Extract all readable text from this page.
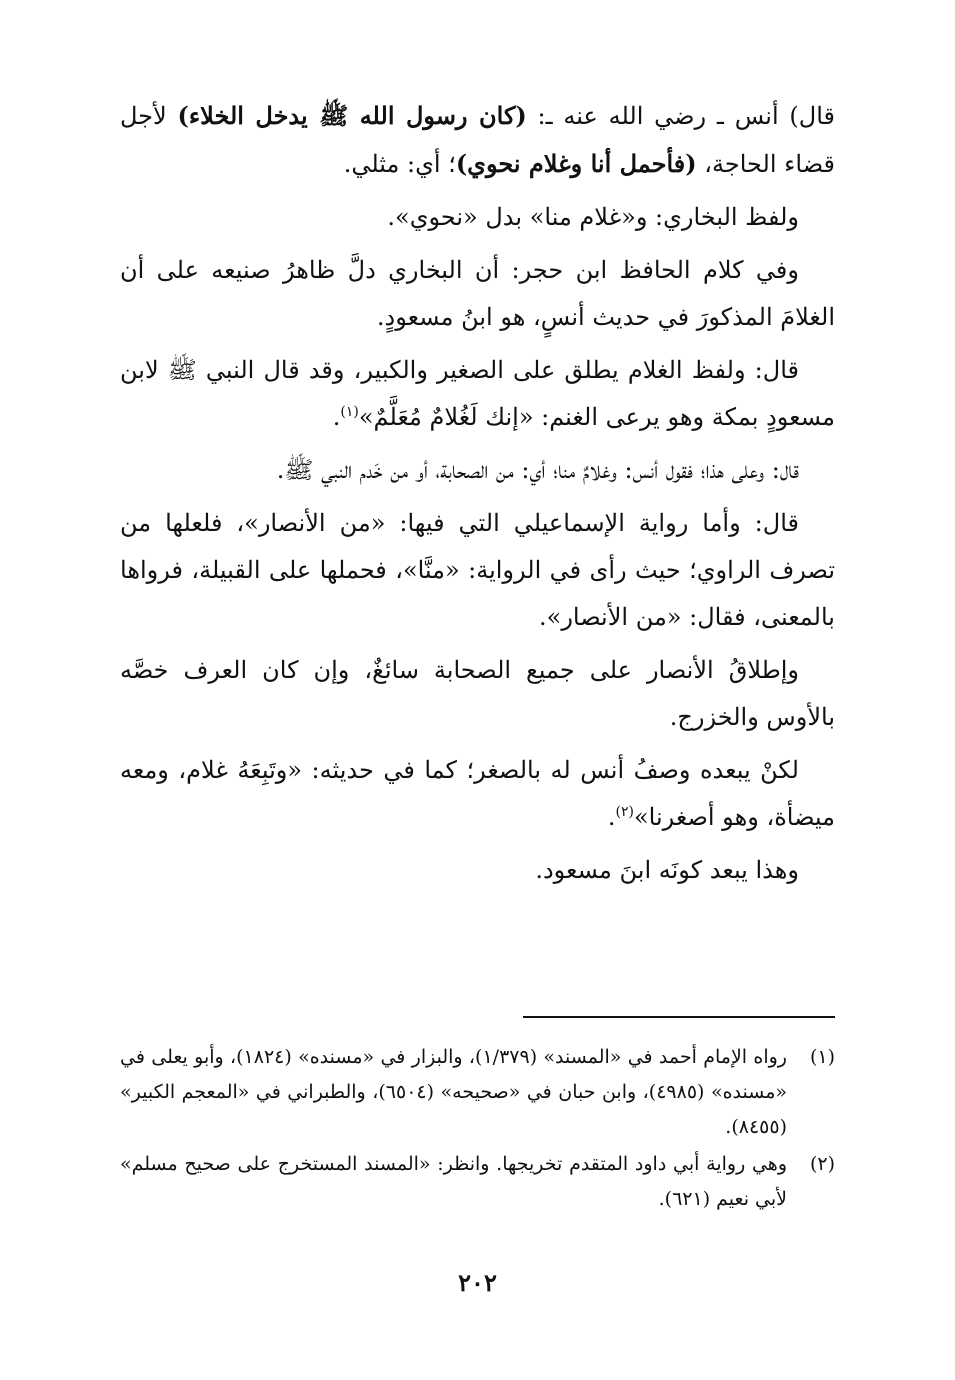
قال) أنس ـ رضي الله عنه ـ: (كان رسول الله ﷺ يدخل الخلاء) لأجل قضاء الحاجة، (فأحمل أنا وغلام نحوي)؛ أي: مثلي.

ولفظ البخاري: و«غلام منا» بدل «نحوي».

وفي كلام الحافظ ابن حجر: أن البخاري دلَّ ظاهرُ صنيعه على أن الغلامَ المذكورَ في حديث أنسٍ، هو ابنُ مسعودٍ.

قال: ولفظ الغلام يطلق على الصغير والكبير، وقد قال النبي ﷺ لابن مسعودٍ بمكة وهو يرعى الغنم: «إنك لَغُلامٌ مُعَلَّمٌ»$^{(١)}$.

قال: وعلى هذا؛ فقول أنس: وغلامٌ منا؛ أي: من الصحابة، أو من خَدم النبي ﷺ.

قال: وأما رواية الإسماعيلي التي فيها: «من الأنصار»، فلعلها من تصرف الراوي؛ حيث رأى في الرواية: «منَّا»، فحملها على القبيلة، فرواها بالمعنى، فقال: «من الأنصار».

وإطلاقُ الأنصار على جميع الصحابة سائغٌ، وإن كان العرف خصَّه بالأوس والخزرج.

لكنْ يبعده وصفُ أنس له بالصغر؛ كما في حديثه: «وتَبِعَهُ غلام، ومعه ميضأة، وهو أصغرنا»$^{(٢)}$.

وهذا يبعد كونَه ابنَ مسعود.

(١)
رواه الإمام أحمد في «المسند» (١/٣٧٩)، والبزار في «مسنده» (١٨٢٤)، وأبو يعلى في «مسنده» (٤٩٨٥)، وابن حبان في «صحيحه» (٦٥٠٤)، والطبراني في «المعجم الكبير» (٨٤٥٥).
(٢)
وهي رواية أبي داود المتقدم تخريجها. وانظر: «المسند المستخرج على صحيح مسلم» لأبي نعيم (٦٢١).
٢٠٢
